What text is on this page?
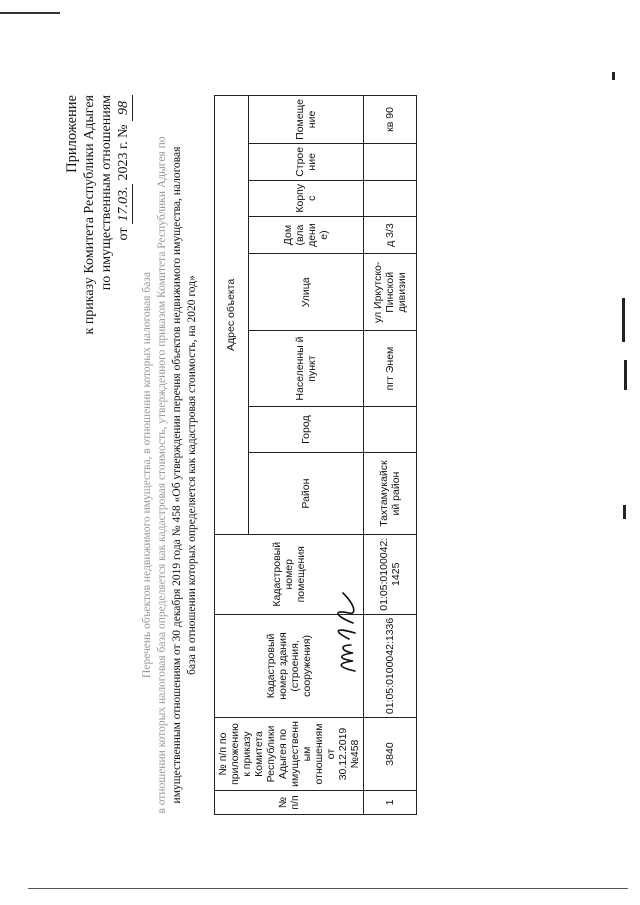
Приложение к приказу Комитета Республики Адыгея по имущественным отношениям от 17.03. 2023 г. № 98
Перечень объектов недвижимого имущества, в отношении которых налоговая база в отношении которых налоговая база определяется как кадастровая стоимость, утвержденного приказом Комитета Республики Адыгея по имущественным отношениям от 30 декабря 2019 года № 458 «Об утверждении перечня объектов недвижимого имущества, налоговая база в отношении которых определяется как кадастровая стоимость, на 2020 год»
№ п/п	№ п/п по приложению к приказу Комитета Республики Адыгея по имущественн ым отношениям от 30.12.2019 №458	Кадастровый номер здания (строения, сооружения)	Кадастровый номер помещения	Адрес объекта							
				Район	Город	Населенны й пункт	Улица	Дом (вла дени е)	Корпу с	Строе ние	Помеще ние
1	3840	01:05:0100042:1336	01:05:0100042: 1425	Тахтамукайск ий район		пгт Энем	ул Иркутско- Пинской дивизии	д 3/3			кв 90
